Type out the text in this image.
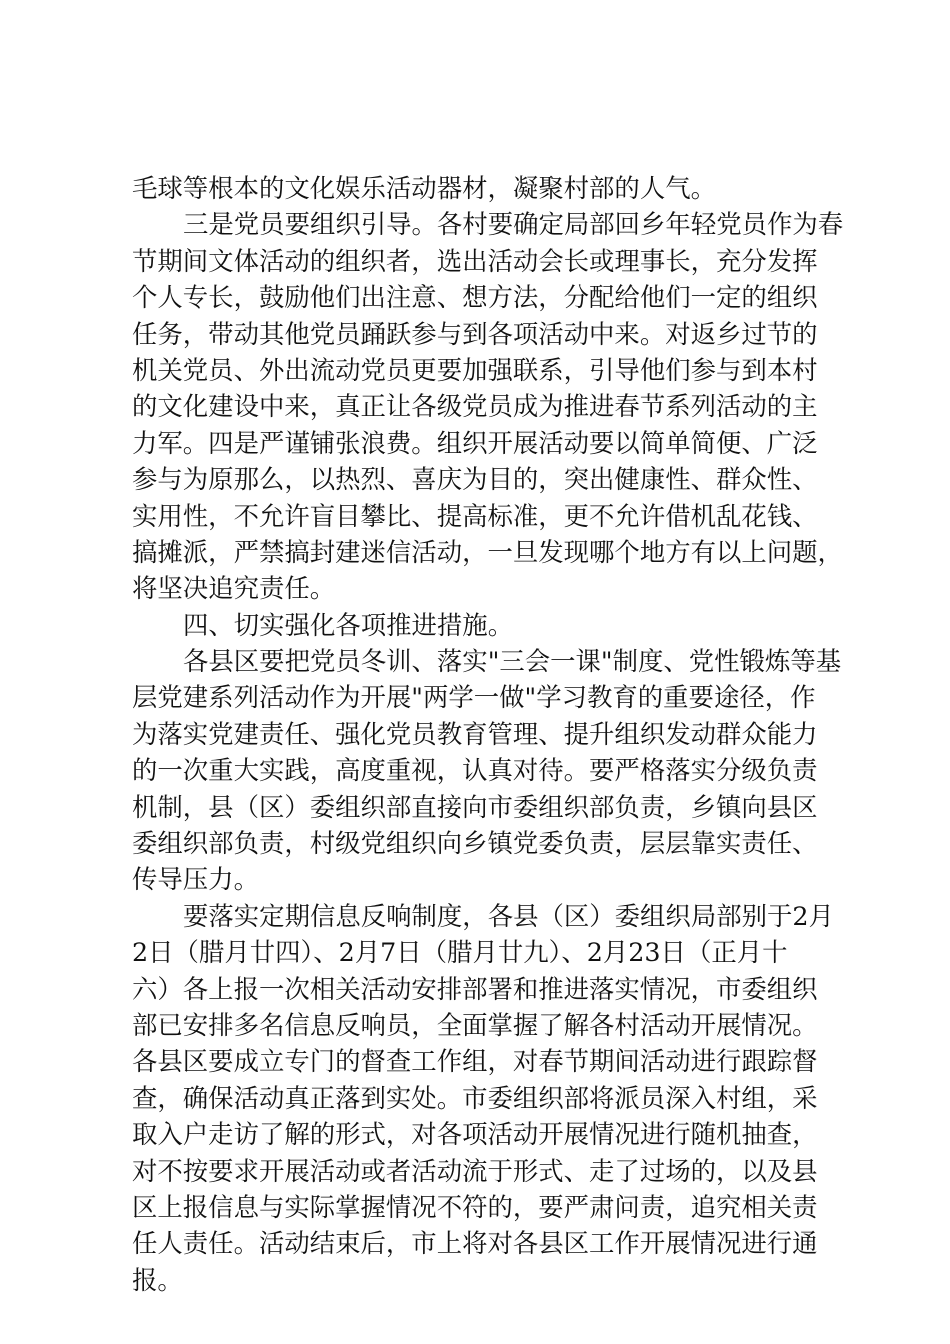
毛球等根本的文化娱乐活动器材，凝聚村部的人气。
三是党员要组织引导。各村要确定局部回乡年轻党员作为春
节期间文体活动的组织者，选出活动会长或理事长，充分发挥
个人专长，鼓励他们出注意、想方法，分配给他们一定的组织
任务，带动其他党员踊跃参与到各项活动中来。对返乡过节的
机关党员、外出流动党员更要加强联系，引导他们参与到本村
的文化建设中来，真正让各级党员成为推进春节系列活动的主
力军。四是严谨铺张浪费。组织开展活动要以简单简便、广泛
参与为原那么，以热烈、喜庆为目的，突出健康性、群众性、
实用性，不允许盲目攀比、提高标准，更不允许借机乱花钱、
搞摊派，严禁搞封建迷信活动，一旦发现哪个地方有以上问题，
将坚决追究责任。
四、切实强化各项推进措施。
各县区要把党员冬训、落实"三会一课"制度、党性锻炼等基
层党建系列活动作为开展"两学一做"学习教育的重要途径，作
为落实党建责任、强化党员教育管理、提升组织发动群众能力
的一次重大实践，高度重视，认真对待。要严格落实分级负责
机制，县（区）委组织部直接向市委组织部负责，乡镇向县区
委组织部负责，村级党组织向乡镇党委负责，层层靠实责任、
传导压力。
要落实定期信息反响制度，各县（区）委组织局部别于2月
2日（腊月廿四）、2月7日（腊月廿九）、2月23日（正月十
六）各上报一次相关活动安排部署和推进落实情况，市委组织
部已安排多名信息反响员，全面掌握了解各村活动开展情况。
各县区要成立专门的督查工作组，对春节期间活动进行跟踪督
查，确保活动真正落到实处。市委组织部将派员深入村组，采
取入户走访了解的形式，对各项活动开展情况进行随机抽查，
对不按要求开展活动或者活动流于形式、走了过场的，以及县
区上报信息与实际掌握情况不符的，要严肃问责，追究相关责
任人责任。活动结束后，市上将对各县区工作开展情况进行通
报。
